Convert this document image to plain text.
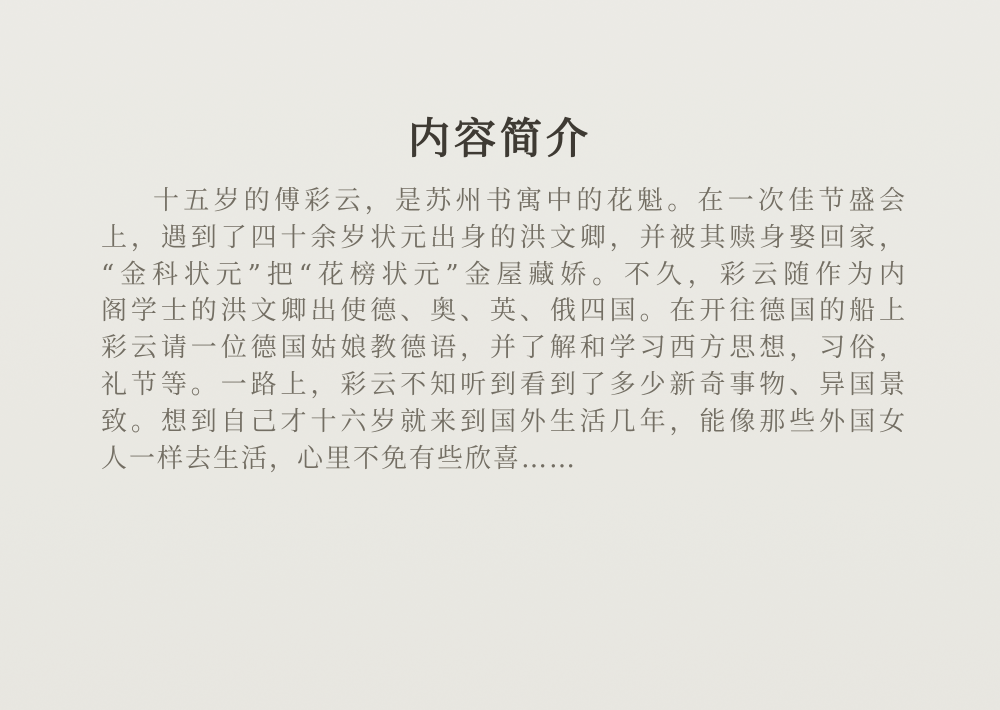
内容简介
十五岁的傅彩云，是苏州书寓中的花魁。在一次佳节盛会
上，遇到了四十余岁状元出身的洪文卿，并被其赎身娶回家，
“金科状元”把“花榜状元”金屋藏娇。不久，彩云随作为内
阁学士的洪文卿出使德、奥、英、俄四国。在开往德国的船上
彩云请一位德国姑娘教德语，并了解和学习西方思想，习俗，
礼节等。一路上，彩云不知听到看到了多少新奇事物、异国景
致。想到自己才十六岁就来到国外生活几年，能像那些外国女
人一样去生活，心里不免有些欣喜……
